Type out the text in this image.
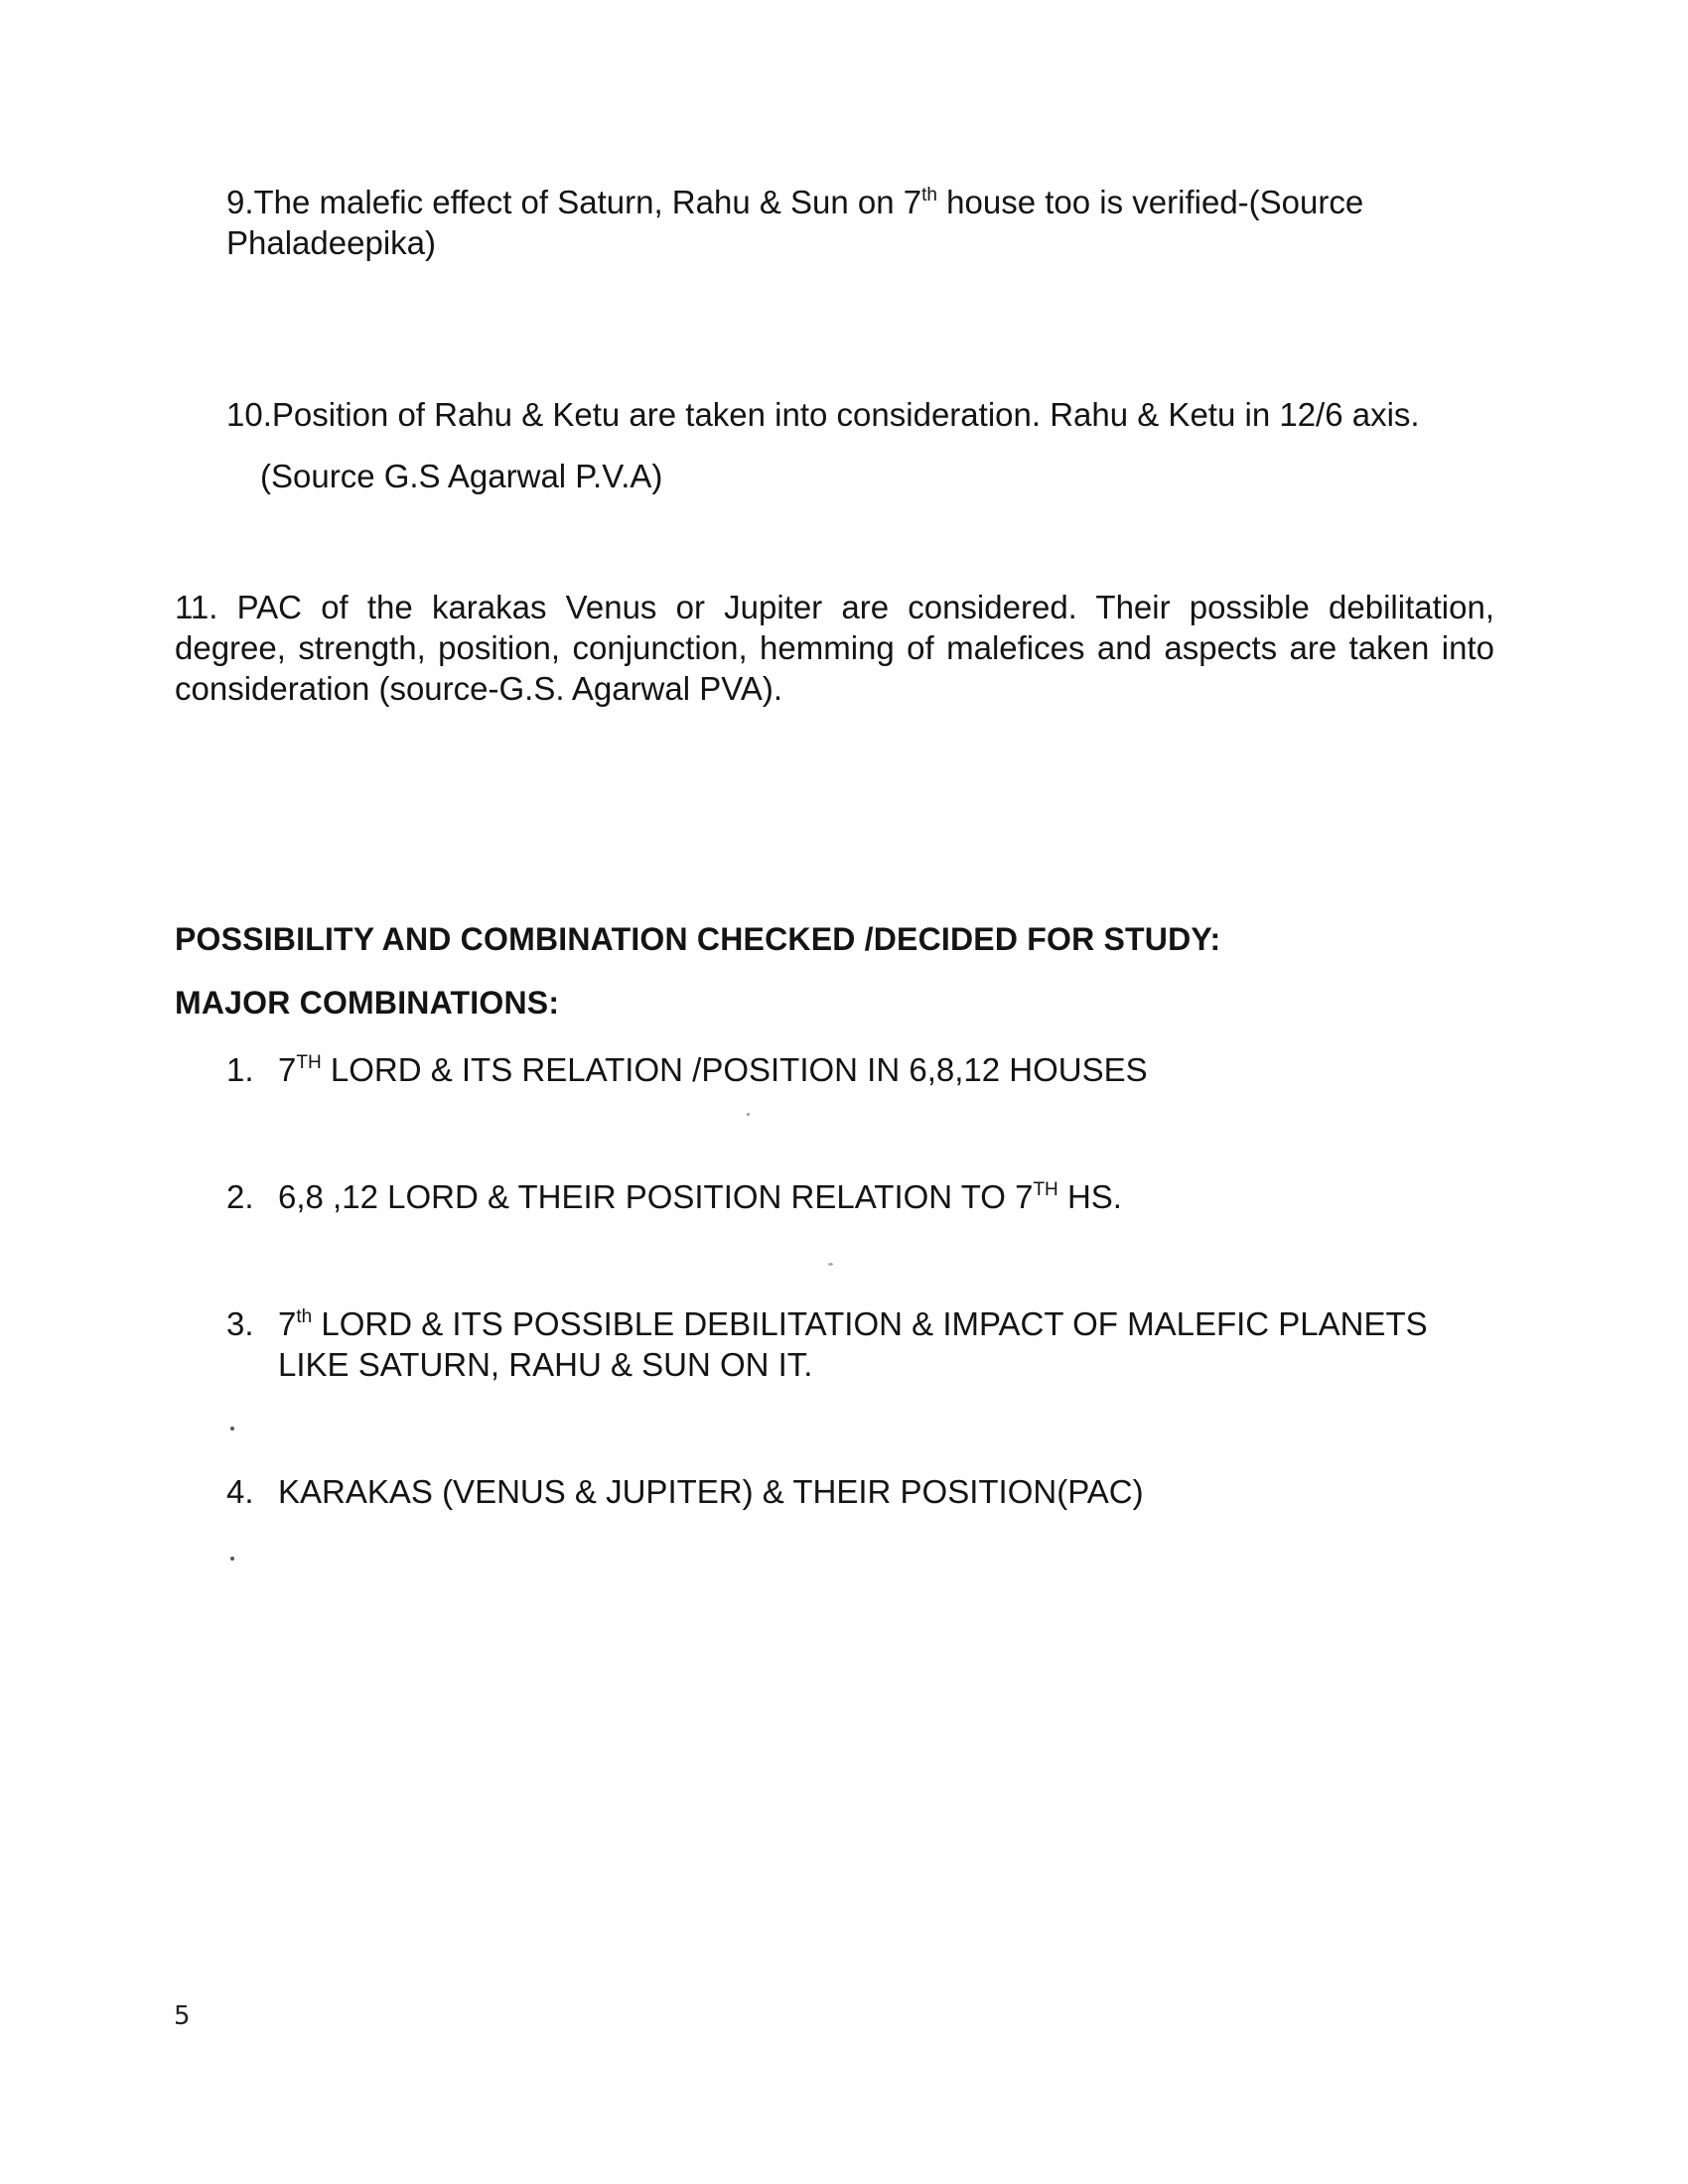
9.The malefic effect of Saturn, Rahu & Sun on 7th house too is verified-(Source
Phaladeepika)
10.Position of Rahu & Ketu are taken into consideration. Rahu & Ketu in 12/6 axis.
(Source G.S Agarwal P.V.A)
11. PAC of the karakas Venus or Jupiter are considered. Their possible debilitation, degree, strength, position, conjunction, hemming of malefices and aspects are taken into consideration (source-G.S. Agarwal PVA).
POSSIBILITY AND COMBINATION CHECKED /DECIDED FOR STUDY:
MAJOR COMBINATIONS:
1. 7TH LORD & ITS RELATION /POSITION IN 6,8,12 HOUSES
2. 6,8 ,12 LORD & THEIR POSITION RELATION TO 7TH HS.
3. 7th LORD & ITS POSSIBLE DEBILITATION & IMPACT OF MALEFIC PLANETS
LIKE SATURN, RAHU & SUN ON IT.
4. KARAKAS (VENUS & JUPITER) & THEIR POSITION(PAC)
5
